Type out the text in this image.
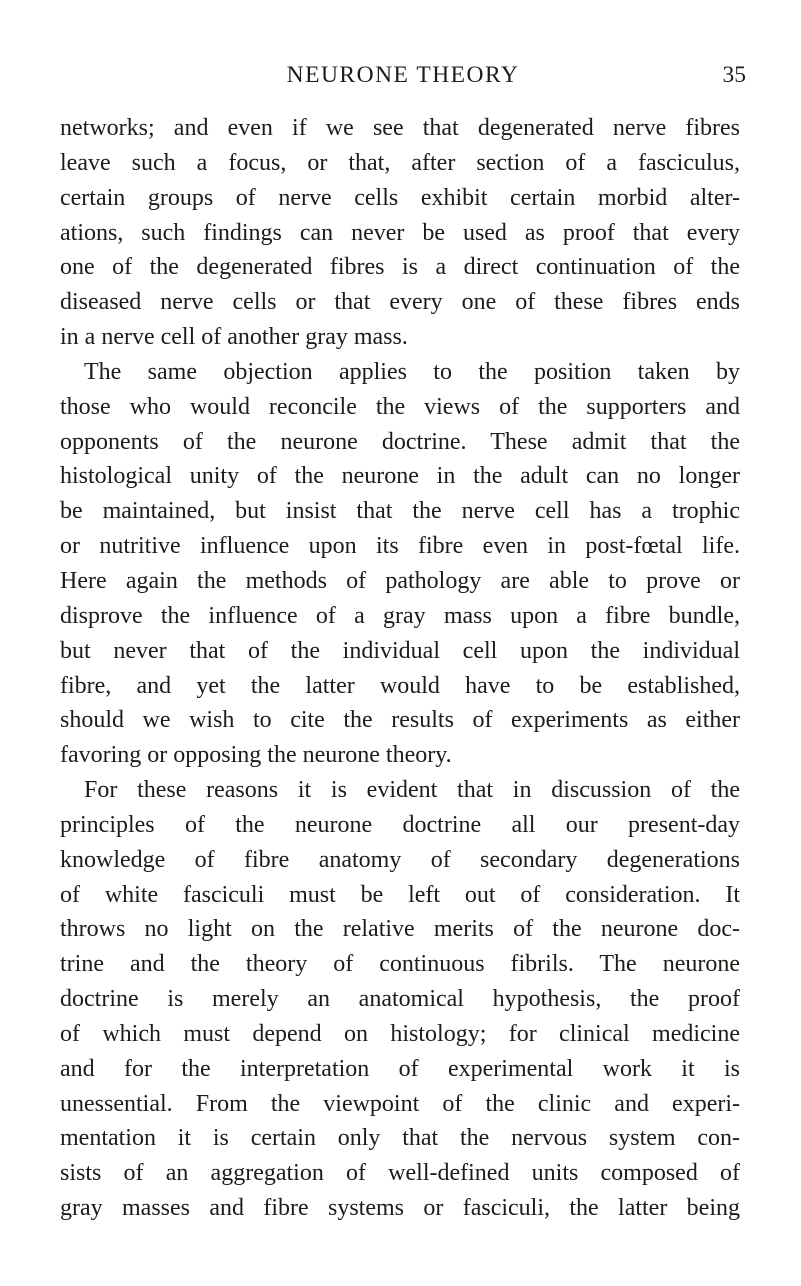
NEURONE THEORY	35
networks; and even if we see that degenerated nerve fibres
leave such a focus, or that, after section of a fasciculus,
certain groups of nerve cells exhibit certain morbid alter-
ations, such findings can never be used as proof that every
one of the degenerated fibres is a direct continuation of the
diseased nerve cells or that every one of these fibres ends
in a nerve cell of another gray mass.
The same objection applies to the position taken by
those who would reconcile the views of the supporters and
opponents of the neurone doctrine. These admit that the
histological unity of the neurone in the adult can no longer
be maintained, but insist that the nerve cell has a trophic
or nutritive influence upon its fibre even in post-fœtal life.
Here again the methods of pathology are able to prove or
disprove the influence of a gray mass upon a fibre bundle,
but never that of the individual cell upon the individual
fibre, and yet the latter would have to be established,
should we wish to cite the results of experiments as either
favoring or opposing the neurone theory.
For these reasons it is evident that in discussion of the
principles of the neurone doctrine all our present-day
knowledge of fibre anatomy of secondary degenerations
of white fasciculi must be left out of consideration. It
throws no light on the relative merits of the neurone doc-
trine and the theory of continuous fibrils. The neurone
doctrine is merely an anatomical hypothesis, the proof
of which must depend on histology; for clinical medicine
and for the interpretation of experimental work it is
unessential. From the viewpoint of the clinic and experi-
mentation it is certain only that the nervous system con-
sists of an aggregation of well-defined units composed of
gray masses and fibre systems or fasciculi, the latter being
